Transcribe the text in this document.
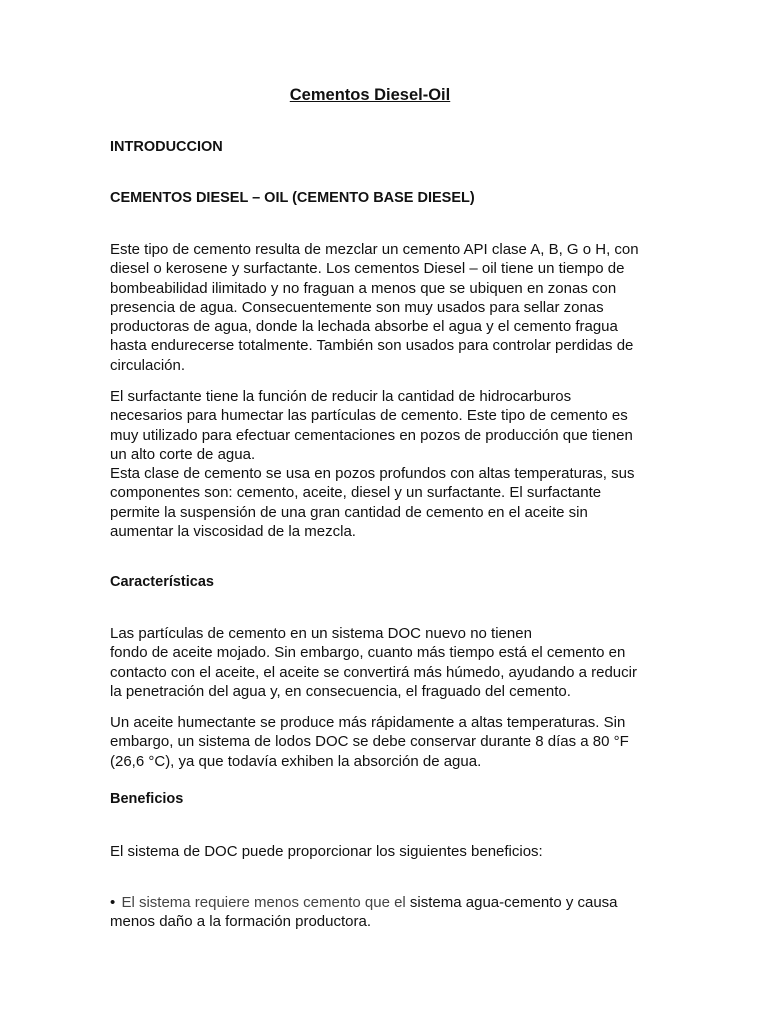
Cementos Diesel-Oil
INTRODUCCION
CEMENTOS DIESEL – OIL (CEMENTO BASE DIESEL)

Este tipo de cemento resulta de mezclar un cemento API clase A, B, G o H, con
diesel o kerosene y surfactante. Los cementos Diesel – oil tiene un tiempo de
bombeabilidad ilimitado y no fraguan a menos que se ubiquen en zonas con
presencia de agua. Consecuentemente son muy usados para sellar zonas
productoras de agua, donde la lechada absorbe el agua y el cemento fragua
hasta endurecerse totalmente. También son usados para controlar perdidas de
circulación.

El surfactante tiene la función de reducir la cantidad de hidrocarburos
necesarios para humectar las partículas de cemento. Este tipo de cemento es
muy utilizado para efectuar cementaciones en pozos de producción que tienen
un alto corte de agua.
Esta clase de cemento se usa en pozos profundos con altas temperaturas, sus
componentes son: cemento, aceite, diesel y un surfactante. El surfactante
permite la suspensión de una gran cantidad de cemento en el aceite sin
aumentar la viscosidad de la mezcla.

Características

Las partículas de cemento en un sistema DOC nuevo no tienen
fondo de aceite mojado. Sin embargo, cuanto más tiempo está el cemento en
contacto con el aceite, el aceite se convertirá más húmedo, ayudando a reducir
la penetración del agua y, en consecuencia, el fraguado del cemento.

Un aceite humectante se produce más rápidamente a altas temperaturas. Sin
embargo, un sistema de lodos DOC se debe conservar durante 8 días a 80 °F
(26,6 °C), ya que todavía exhiben la absorción de agua.

Beneficios

El sistema de DOC puede proporcionar los siguientes beneficios:

• El sistema requiere menos cemento que el sistema agua-cemento y causa
menos daño a la formación productora.
